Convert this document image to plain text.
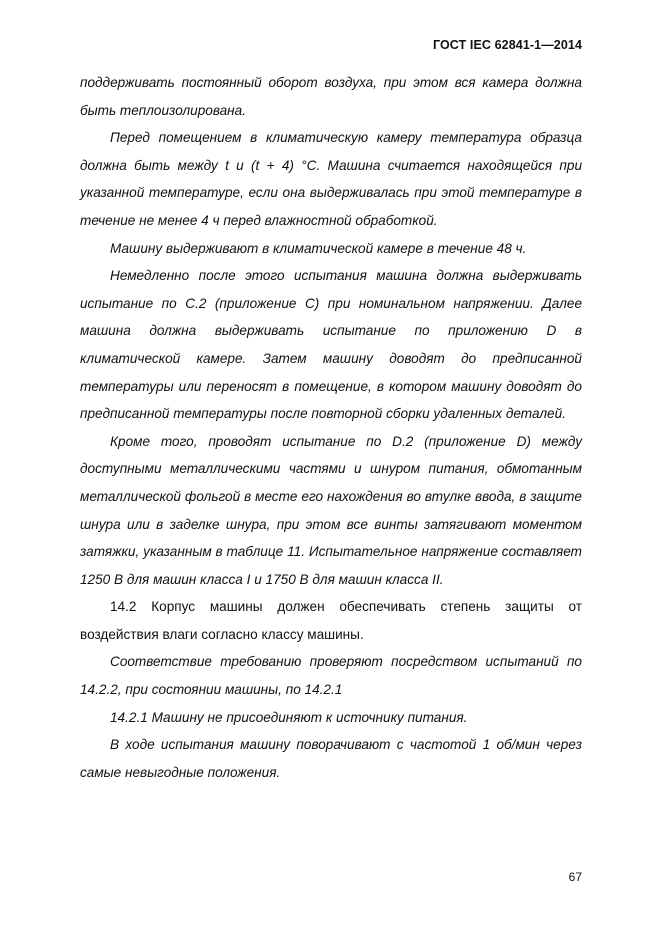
ГОСТ IEC 62841-1—2014

поддерживать постоянный оборот воздуха, при этом вся камера должна быть теплоизолирована.

Перед помещением в климатическую камеру температура образца должна быть между t и (t + 4) °С. Машина считается находящейся при указанной температуре, если она выдерживалась при этой температуре в течение не менее 4 ч перед влажностной обработкой.

Машину выдерживают в климатической камере в течение 48 ч.

Немедленно после этого испытания машина должна выдерживать испытание по С.2 (приложение С) при номинальном напряжении. Далее машина должна выдерживать испытание по приложению D в климатической камере. Затем машину доводят до предписанной температуры или переносят в помещение, в котором машину доводят до предписанной температуры после повторной сборки удаленных деталей.

Кроме того, проводят испытание по D.2 (приложение D) между доступными металлическими частями и шнуром питания, обмотанным металлической фольгой в месте его нахождения во втулке ввода, в защите шнура или в заделке шнура, при этом все винты затягивают моментом затяжки, указанным в таблице 11. Испытательное напряжение составляет 1250 В для машин класса I и 1750 В для машин класса II.

14.2 Корпус машины должен обеспечивать степень защиты от воздействия влаги согласно классу машины.

Соответствие требованию проверяют посредством испытаний по 14.2.2, при состоянии машины, по 14.2.1

14.2.1 Машину не присоединяют к источнику питания.

В ходе испытания машину поворачивают с частотой 1 об/мин через самые невыгодные положения.

67
